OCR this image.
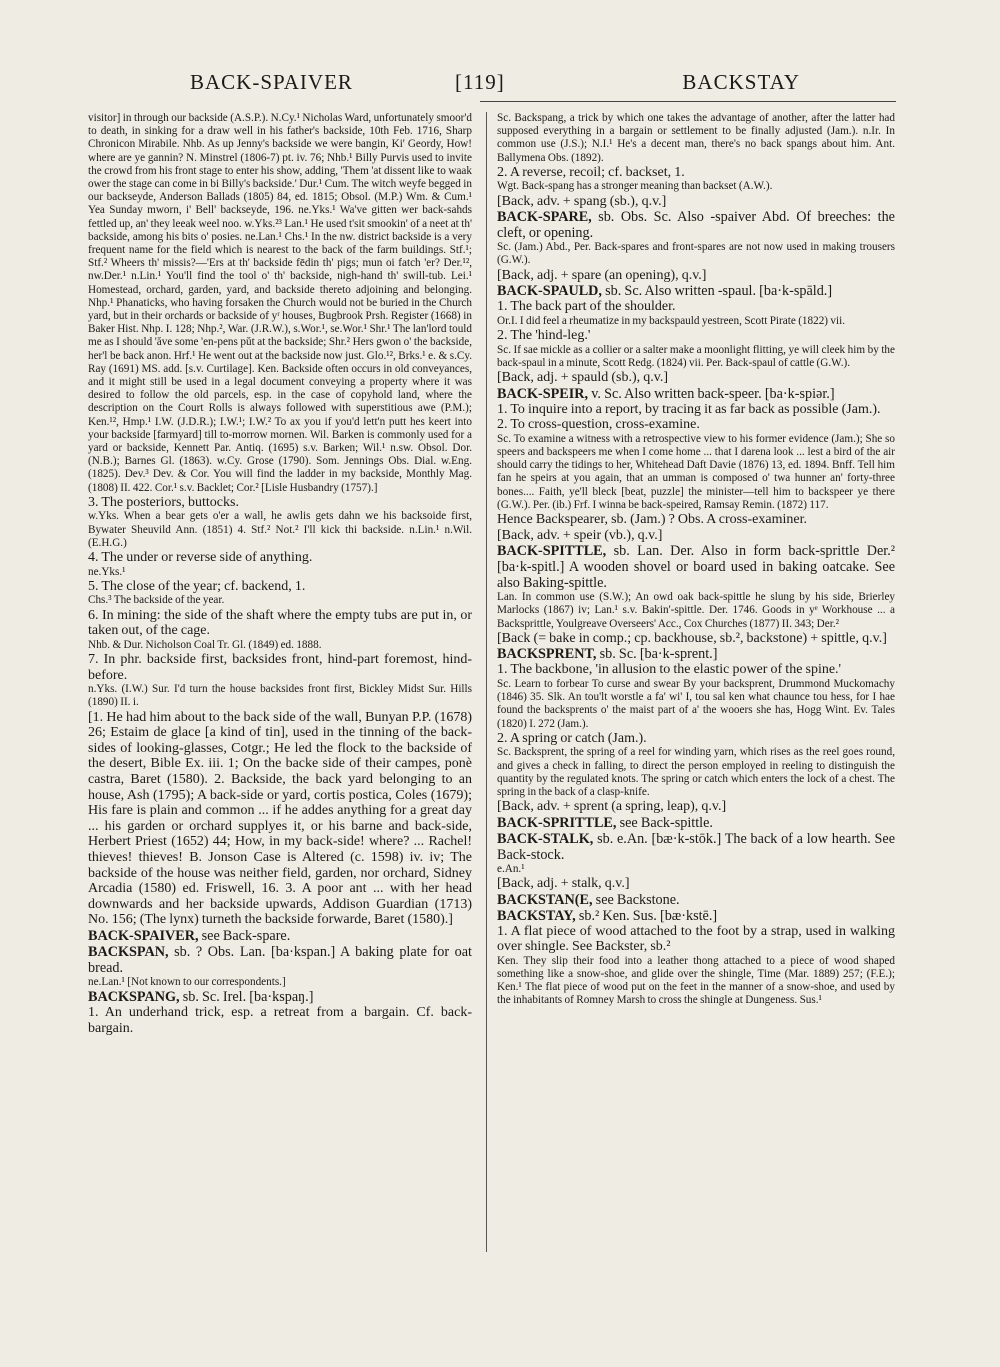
BACK-SPAIVER	[119]	BACKSTAY

visitor] in through our backside (A.S.P.). N.Cy.¹ Nicholas Ward, unfortunately smoor'd to death, in sinking for a draw well in his father's backside, 10th Feb. 1716, Sharp Chronicon Mirabile. Nhb. As up Jenny's backside we were bangin, Ki' Geordy, How! where are ye gannin? N. Minstrel (1806-7) pt. iv. 76; Nhb.¹ Billy Purvis used to invite the crowd from his front stage to enter his show, adding, 'Them 'at dissent like to waak ower the stage can come in bi Billy's backside.' Dur.¹ Cum. The witch weyfe begged in our backseyde, Anderson Ballads (1805) 84, ed. 1815; Obsol. (M.P.) Wm. & Cum.¹ Yea Sunday mworn, i' Bell' backseyde, 196. ne.Yks.¹ Wa've gitten wer back-sahds fettled up, an' they leeak weel noo. w.Yks.²³ Lan.¹ He used t'sit smookin' of a neet at th' backside, among his bits o' posies. ne.Lan.¹ Chs.¹ In the nw. district backside is a very frequent name for the field which is nearest to the back of the farm buildings. Stf.¹; Stf.² Wheers th' missis?—'Ers at th' backside fēdin th' pigs; mun oi fatch 'er? Der.¹², nw.Der.¹ n.Lin.¹ You'll find the tool o' th' backside, nigh-hand th' swill-tub. Lei.¹ Homestead, orchard, garden, yard, and backside thereto adjoining and belonging. Nhp.¹ Phanaticks, who having forsaken the Church would not be buried in the Church yard, but in their orchards or backside of yʳ houses, Bugbrook Prsh. Register (1668) in Baker Hist. Nhp. I. 128; Nhp.², War. (J.R.W.), s.Wor.¹, se.Wor.¹ Shr.¹ The lan'lord tould me as I should 'ăve some 'en-pens pŭt at the backside; Shr.² Hers gwon o' the backside, her'l be back anon. Hrf.¹ He went out at the backside now just. Glo.¹², Brks.¹ e. & s.Cy. Ray (1691) MS. add. [s.v. Curtilage]. Ken. Backside often occurs in old conveyances, and it might still be used in a legal document conveying a property where it was desired to follow the old parcels, esp. in the case of copyhold land, where the description on the Court Rolls is always followed with superstitious awe (P.M.); Ken.¹², Hmp.¹ I.W. (J.D.R.); I.W.¹; I.W.² To ax you if you'd lett'n putt hes keert into your backside [farmyard] till to-morrow mornen. Wil. Barken is commonly used for a yard or backside, Kennett Par. Antiq. (1695) s.v. Barken; Wil.¹ n.sw. Obsol. Dor. (N.B.); Barnes Gl. (1863). w.Cy. Grose (1790). Som. Jennings Obs. Dial. w.Eng. (1825). Dev.³ Dev. & Cor. You will find the ladder in my backside, Monthly Mag. (1808) II. 422. Cor.¹ s.v. Backlet; Cor.² [Lisle Husbandry (1757).]

3. The posteriors, buttocks.

w.Yks. When a bear gets o'er a wall, he awlis gets dahn we his backsoide first, Bywater Sheuvild Ann. (1851) 4. Stf.² Not.² I'll kick thi backside. n.Lin.¹ n.Wil. (E.H.G.)

4. The under or reverse side of anything.

ne.Yks.¹

5. The close of the year; cf. backend, 1.

Chs.³ The backside of the year.

6. In mining: the side of the shaft where the empty tubs are put in, or taken out, of the cage.

Nhb. & Dur. Nicholson Coal Tr. Gl. (1849) ed. 1888.

7. In phr. backside first, backsides front, hind-part foremost, hind-before.

n.Yks. (I.W.) Sur. I'd turn the house backsides front first, Bickley Midst Sur. Hills (1890) II. i.

[1. He had him about to the back side of the wall, Bunyan P.P. (1678) 26; Estaim de glace [a kind of tin], used in the tinning of the back-sides of looking-glasses, Cotgr.; He led the flock to the backside of the desert, Bible Ex. iii. 1; On the backe side of their campes, ponè castra, Baret (1580). 2. Backside, the back yard belonging to an house, Ash (1795); A back-side or yard, cortis postica, Coles (1679); His fare is plain and common ... if he addes anything for a great day ... his garden or orchard supplyes it, or his barne and back-side, Herbert Priest (1652) 44; How, in my back-side! where? ... Rachel! thieves! thieves! B. Jonson Case is Altered (c. 1598) iv. iv; The backside of the house was neither field, garden, nor orchard, Sidney Arcadia (1580) ed. Friswell, 16. 3. A poor ant ... with her head downwards and her backside upwards, Addison Guardian (1713) No. 156; (The lynx) turneth the backside forwarde, Baret (1580).]

BACK-SPAIVER, see Back-spare.

BACKSPAN, sb. ? Obs. Lan. [ba·kspan.] A baking plate for oat bread.

ne.Lan.¹ [Not known to our correspondents.]

BACKSPANG, sb. Sc. Irel. [ba·kspaŋ.]

1. An underhand trick, esp. a retreat from a bargain. Cf. back-bargain.

Sc. Backspang, a trick by which one takes the advantage of another, after the latter had supposed everything in a bargain or settlement to be finally adjusted (Jam.). n.Ir. In common use (J.S.); N.I.¹ He's a decent man, there's no back spangs about him. Ant. Ballymena Obs. (1892).

2. A reverse, recoil; cf. backset, 1.

Wgt. Back-spang has a stronger meaning than backset (A.W.).

[Back, adv. + spang (sb.), q.v.]

BACK-SPARE, sb. Obs. Sc. Also -spaiver Abd. Of breeches: the cleft, or opening.

Sc. (Jam.) Abd., Per. Back-spares and front-spares are not now used in making trousers (G.W.).

[Back, adj. + spare (an opening), q.v.]

BACK-SPAULD, sb. Sc. Also written -spaul. [ba·k-spāld.]

1. The back part of the shoulder.

Or.I. I did feel a rheumatize in my backspauld yestreen, Scott Pirate (1822) vii.

2. The 'hind-leg.'

Sc. If sae mickle as a collier or a salter make a moonlight flitting, ye will cleek him by the back-spaul in a minute, Scott Redg. (1824) vii. Per. Back-spaul of cattle (G.W.).

[Back, adj. + spauld (sb.), q.v.]

BACK-SPEIR, v. Sc. Also written back-speer. [ba·k-spiər.]

1. To inquire into a report, by tracing it as far back as possible (Jam.).

2. To cross-question, cross-examine.

Sc. To examine a witness with a retrospective view to his former evidence (Jam.); She so speers and backspeers me when I come home ... that I darena look ... lest a bird of the air should carry the tidings to her, Whitehead Daft Davie (1876) 13, ed. 1894. Bnff. Tell him fan he speirs at you again, that an umman is composed o' twa hunner an' forty-three bones.... Faith, ye'll bleck [beat, puzzle] the minister—tell him to backspeer ye there (G.W.). Per. (ib.) Frf. I winna be back-speired, Ramsay Remin. (1872) 117.

Hence Backspearer, sb. (Jam.) ? Obs. A cross-examiner.

[Back, adv. + speir (vb.), q.v.]

BACK-SPITTLE, sb. Lan. Der. Also in form back-sprittle Der.² [ba·k-spitl.] A wooden shovel or board used in baking oatcake. See also Baking-spittle.

Lan. In common use (S.W.); An owd oak back-spittle he slung by his side, Brierley Marlocks (1867) iv; Lan.¹ s.v. Bakin'-spittle. Der. 1746. Goods in yᵉ Workhouse ... a Backsprittle, Youlgreave Overseers' Acc., Cox Churches (1877) II. 343; Der.²

[Back (= bake in comp.; cp. backhouse, sb.², backstone) + spittle, q.v.]

BACKSPRENT, sb. Sc. [ba·k-sprent.]

1. The backbone, 'in allusion to the elastic power of the spine.'

Sc. Learn to forbear To curse and swear By your backsprent, Drummond Muckomachy (1846) 35. Slk. An tou'lt worstle a fa' wi' I, tou sal ken what chaunce tou hess, for I hae found the backsprents o' the maist part of a' the wooers she has, Hogg Wint. Ev. Tales (1820) I. 272 (Jam.).

2. A spring or catch (Jam.).

Sc. Backsprent, the spring of a reel for winding yarn, which rises as the reel goes round, and gives a check in falling, to direct the person employed in reeling to distinguish the quantity by the regulated knots. The spring or catch which enters the lock of a chest. The spring in the back of a clasp-knife.

[Back, adv. + sprent (a spring, leap), q.v.]

BACK-SPRITTLE, see Back-spittle.

BACK-STALK, sb. e.An. [bæ·k-stōk.] The back of a low hearth. See Back-stock.

e.An.¹

[Back, adj. + stalk, q.v.]

BACKSTAN(E, see Backstone.

BACKSTAY, sb.² Ken. Sus. [bæ·kstē.]

1. A flat piece of wood attached to the foot by a strap, used in walking over shingle. See Backster, sb.²

Ken. They slip their food into a leather thong attached to a piece of wood shaped something like a snow-shoe, and glide over the shingle, Time (Mar. 1889) 257; (F.E.); Ken.¹ The flat piece of wood put on the feet in the manner of a snow-shoe, and used by the inhabitants of Romney Marsh to cross the shingle at Dungeness. Sus.¹
